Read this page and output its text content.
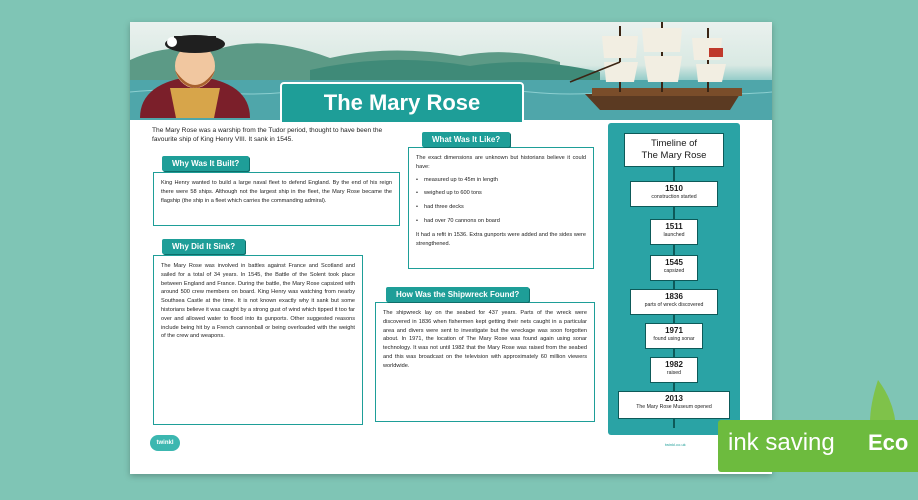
The Mary Rose
The Mary Rose was a warship from the Tudor period, thought to have been the favourite ship of King Henry VIII. It sank in 1545.
King Henry wanted to build a large naval fleet to defend England. By the end of his reign there were 58 ships. Although not the largest ship in the fleet, the Mary Rose became the flagship (the ship in a fleet which carries the commanding admiral).
Why Was It Built?
The Mary Rose was involved in battles against France and Scotland and sailed for a total of 34 years. In 1545, the Battle of the Solent took place between England and France. During the battle, the Mary Rose capsized with around 500 crew members on board. King Henry was watching from nearby Southsea Castle at the time. It is not known exactly why it sank but some historians believe it was caught by a strong gust of wind which tipped it too far over and allowed water to flood into its gunports. Other suggested reasons include being hit by a French cannonball or being overloaded with the weight of the crew and weapons.
Why Did It Sink?
The exact dimensions are unknown but historians believe it could have:
• measured up to 45m in length
• weighed up to 600 tons
• had three decks
• had over 70 cannons on board
It had a refit in 1536. Extra gunports were added and the sides were strengthened.
What Was It Like?
The shipwreck lay on the seabed for 437 years. Parts of the wreck were discovered in 1836 when fishermen kept getting their nets caught in a particular area and divers were sent to investigate but the wreckage was soon forgotten about. In 1971, the location of The Mary Rose was found again using sonar technology. It was not until 1982 that the Mary Rose was raised from the seabed and this was broadcast on the television with approximately 60 million viewers worldwide.
How Was the Shipwreck Found?
Timeline of
The Mary Rose
1510
construction started
1511
launched
1545
capsized
1836
parts of wreck discovered
1971
found using sonar
1982
raised
2013
The Mary Rose Museum opened
twinkl	twinkl.co.uk ink saving Eco
